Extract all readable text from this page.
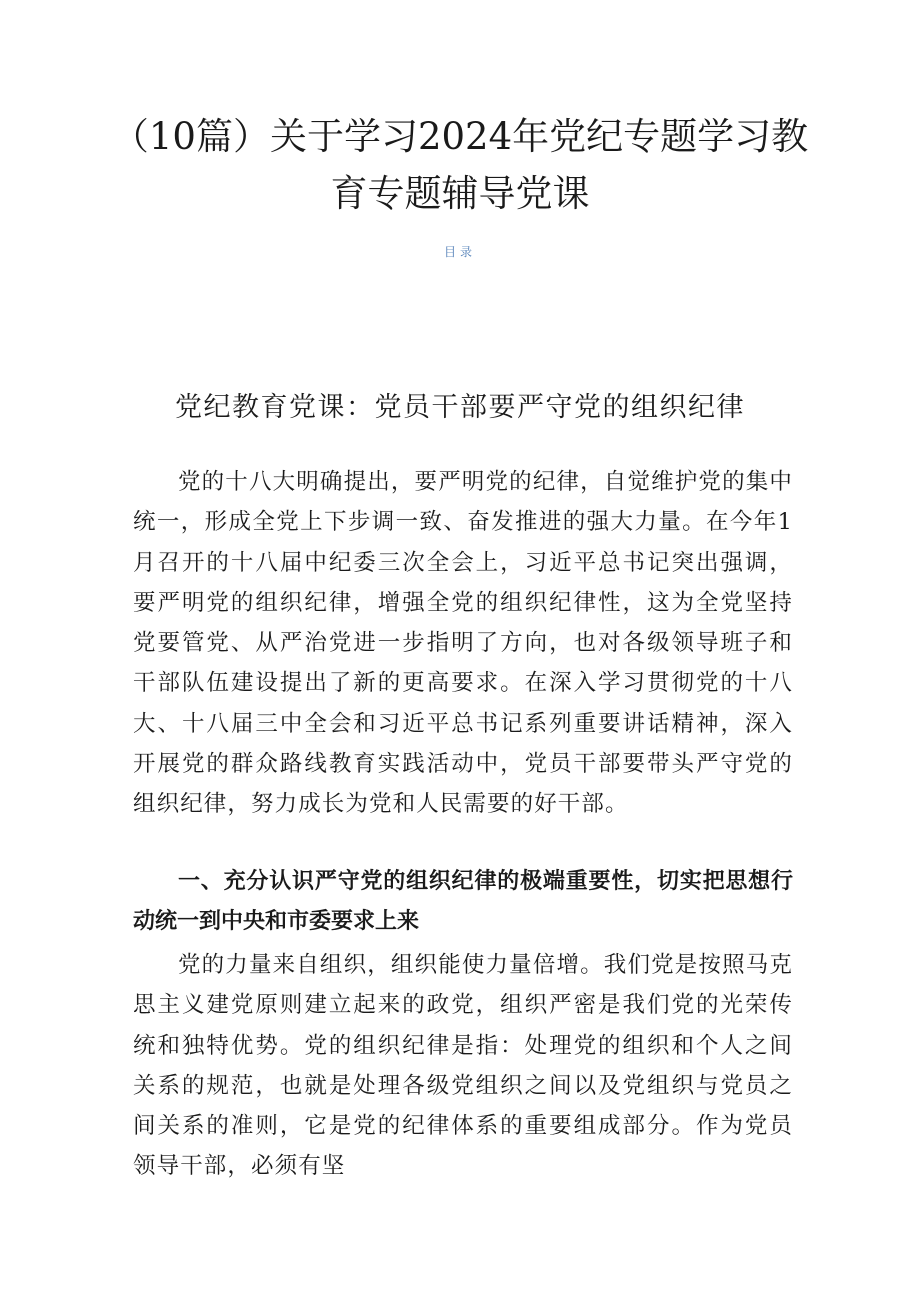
（10篇）关于学习2024年党纪专题学习教育专题辅导党课
目录
党纪教育党课：党员干部要严守党的组织纪律

党的十八大明确提出，要严明党的纪律，自觉维护党的集中统一，形成全党上下步调一致、奋发推进的强大力量。在今年1月召开的十八届中纪委三次全会上，习近平总书记突出强调，要严明党的组织纪律，增强全党的组织纪律性，这为全党坚持党要管党、从严治党进一步指明了方向，也对各级领导班子和干部队伍建设提出了新的更高要求。在深入学习贯彻党的十八大、十八届三中全会和习近平总书记系列重要讲话精神，深入开展党的群众路线教育实践活动中，党员干部要带头严守党的组织纪律，努力成长为党和人民需要的好干部。

一、充分认识严守党的组织纪律的极端重要性，切实把思想行动统一到中央和市委要求上来

党的力量来自组织，组织能使力量倍增。我们党是按照马克思主义建党原则建立起来的政党，组织严密是我们党的光荣传统和独特优势。党的组织纪律是指：处理党的组织和个人之间关系的规范，也就是处理各级党组织之间以及党组织与党员之间关系的准则，它是党的纪律体系的重要组成部分。作为党员领导干部，必须有坚
